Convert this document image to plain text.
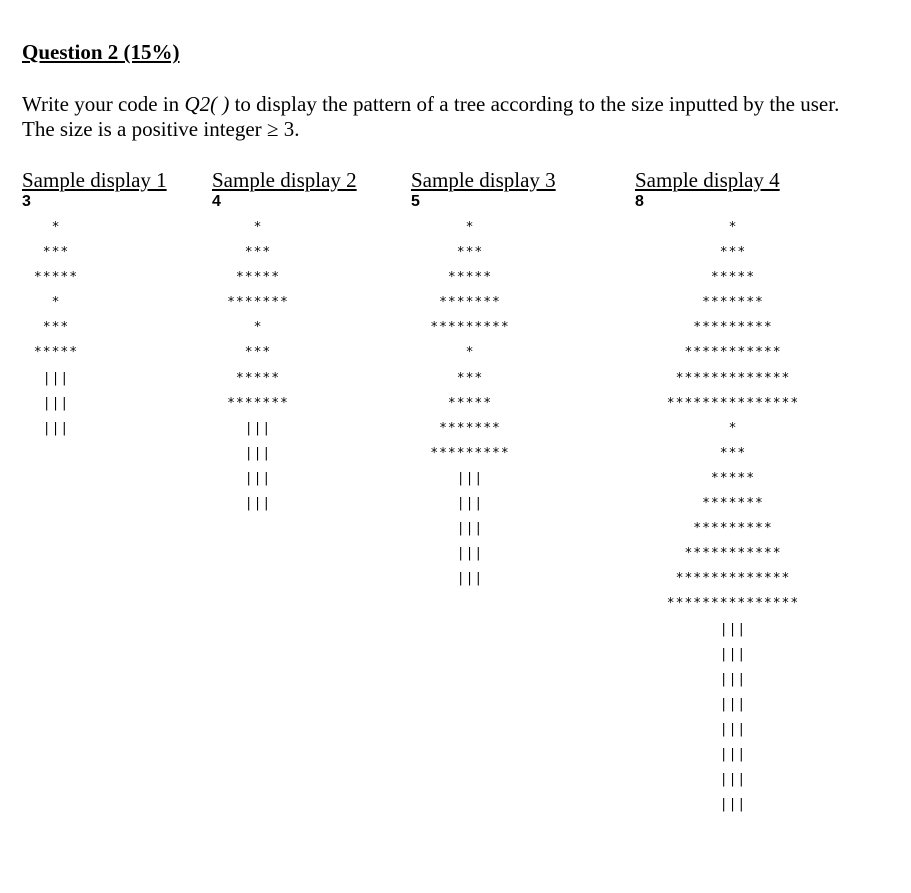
Question 2 (15%)
Write your code in Q2( ) to display the pattern of a tree according to the size inputted by the user.
The size is a positive integer ≥ 3.
Sample display 1
3
Sample display 2
4
Sample display 3
5
Sample display 4
8
*
***
*****
*
***
*****
|||
|||
|||
*
***
*****
*******
*
***
*****
*******
|||
|||
|||
|||
*
***
*****
*******
*********
*
***
*****
*******
*********
|||
|||
|||
|||
|||
*
***
*****
*******
*********
***********
*************
***************
*
***
*****
*******
*********
***********
*************
***************
|||
|||
|||
|||
|||
|||
|||
|||
